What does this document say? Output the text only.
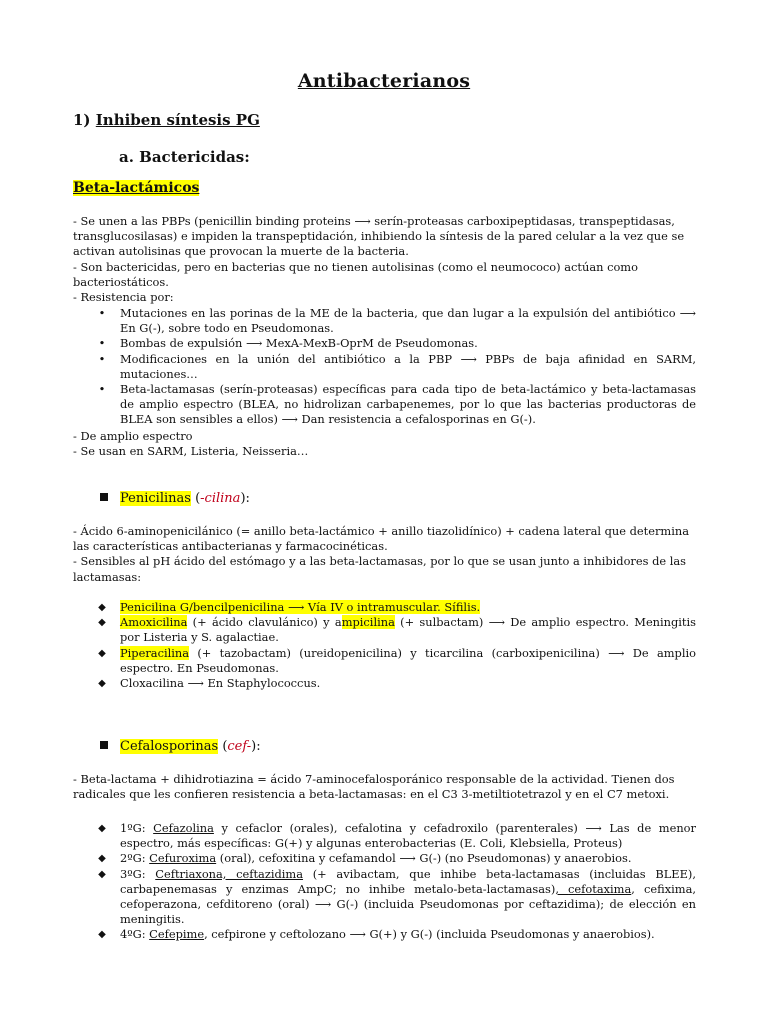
Antibacterianos
1) Inhiben síntesis PG
a. Bactericidas:
Beta-lactámicos
- Se unen a las PBPs (penicillin binding proteins ⟶ serín-proteasas carboxipeptidasas, transpeptidasas,
transglucosilasas) e impiden la transpeptidación, inhibiendo la síntesis de la pared celular a la vez que se
activan autolisinas que provocan la muerte de la bacteria.
- Son bactericidas, pero en bacterias que no tienen autolisinas (como el neumococo) actúan como
bacteriostáticos.
- Resistencia por:
• Mutaciones en las porinas de la ME de la bacteria, que dan lugar a la expulsión del antibiótico ⟶ En G(-), sobre todo en Pseudomonas.
• Bombas de expulsión ⟶ MexA-MexB-OprM de Pseudomonas.
• Modificaciones en la unión del antibiótico a la PBP ⟶ PBPs de baja afinidad en SARM, mutaciones…
• Beta-lactamasas (serín-proteasas) específicas para cada tipo de beta-lactámico y beta-lactamasas de amplio espectro (BLEA, no hidrolizan carbapenemes, por lo que las bacterias productoras de BLEA son sensibles a ellos) ⟶ Dan resistencia a cefalosporinas en G(-).
- De amplio espectro
- Se usan en SARM, Listeria, Neisseria…
Penicilinas (-cilina):
- Ácido 6-aminopenicilánico (= anillo beta-lactámico + anillo tiazolidínico) + cadena lateral que determina
las características antibacterianas y farmacocinéticas.
- Sensibles al pH ácido del estómago y a las beta-lactamasas, por lo que se usan junto a inhibidores de las
lactamasas:
◆ Penicilina G/bencilpenicilina ⟶ Vía IV o intramuscular. Sífilis.
◆ Amoxicilina (+ ácido clavulánico) y ampicilina (+ sulbactam) ⟶ De amplio espectro. Meningitis por Listeria y S. agalactiae.
◆ Piperacilina (+ tazobactam) (ureidopenicilina) y ticarcilina (carboxipenicilina) ⟶ De amplio espectro. En Pseudomonas.
◆ Cloxacilina ⟶ En Staphylococcus.
Cefalosporinas (cef-):
- Beta-lactama + dihidrotiazina = ácido 7-aminocefalosporánico responsable de la actividad. Tienen dos
radicales que les confieren resistencia a beta-lactamasas: en el C3 3-metiltiotetrazol y en el C7 metoxi.
◆ 1ºG: Cefazolina y cefaclor (orales), cefalotina y cefadroxilo (parenterales) ⟶ Las de menor espectro, más específicas: G(+) y algunas enterobacterias (E. Coli, Klebsiella, Proteus)
◆ 2ºG: Cefuroxima (oral), cefoxitina y cefamandol ⟶ G(-) (no Pseudomonas) y anaerobios.
◆ 3ºG: Ceftriaxona, ceftazidima (+ avibactam, que inhibe beta-lactamasas (incluidas BLEE), carbapenemasas y enzimas AmpC; no inhibe metalo-beta-lactamasas), cefotaxima, cefixima, cefoperazona, cefditoreno (oral) ⟶ G(-) (incluida Pseudomonas por ceftazidima); de elección en meningitis.
◆ 4ºG: Cefepime, cefpirone y ceftolozano ⟶ G(+) y G(-) (incluida Pseudomonas y anaerobios).
